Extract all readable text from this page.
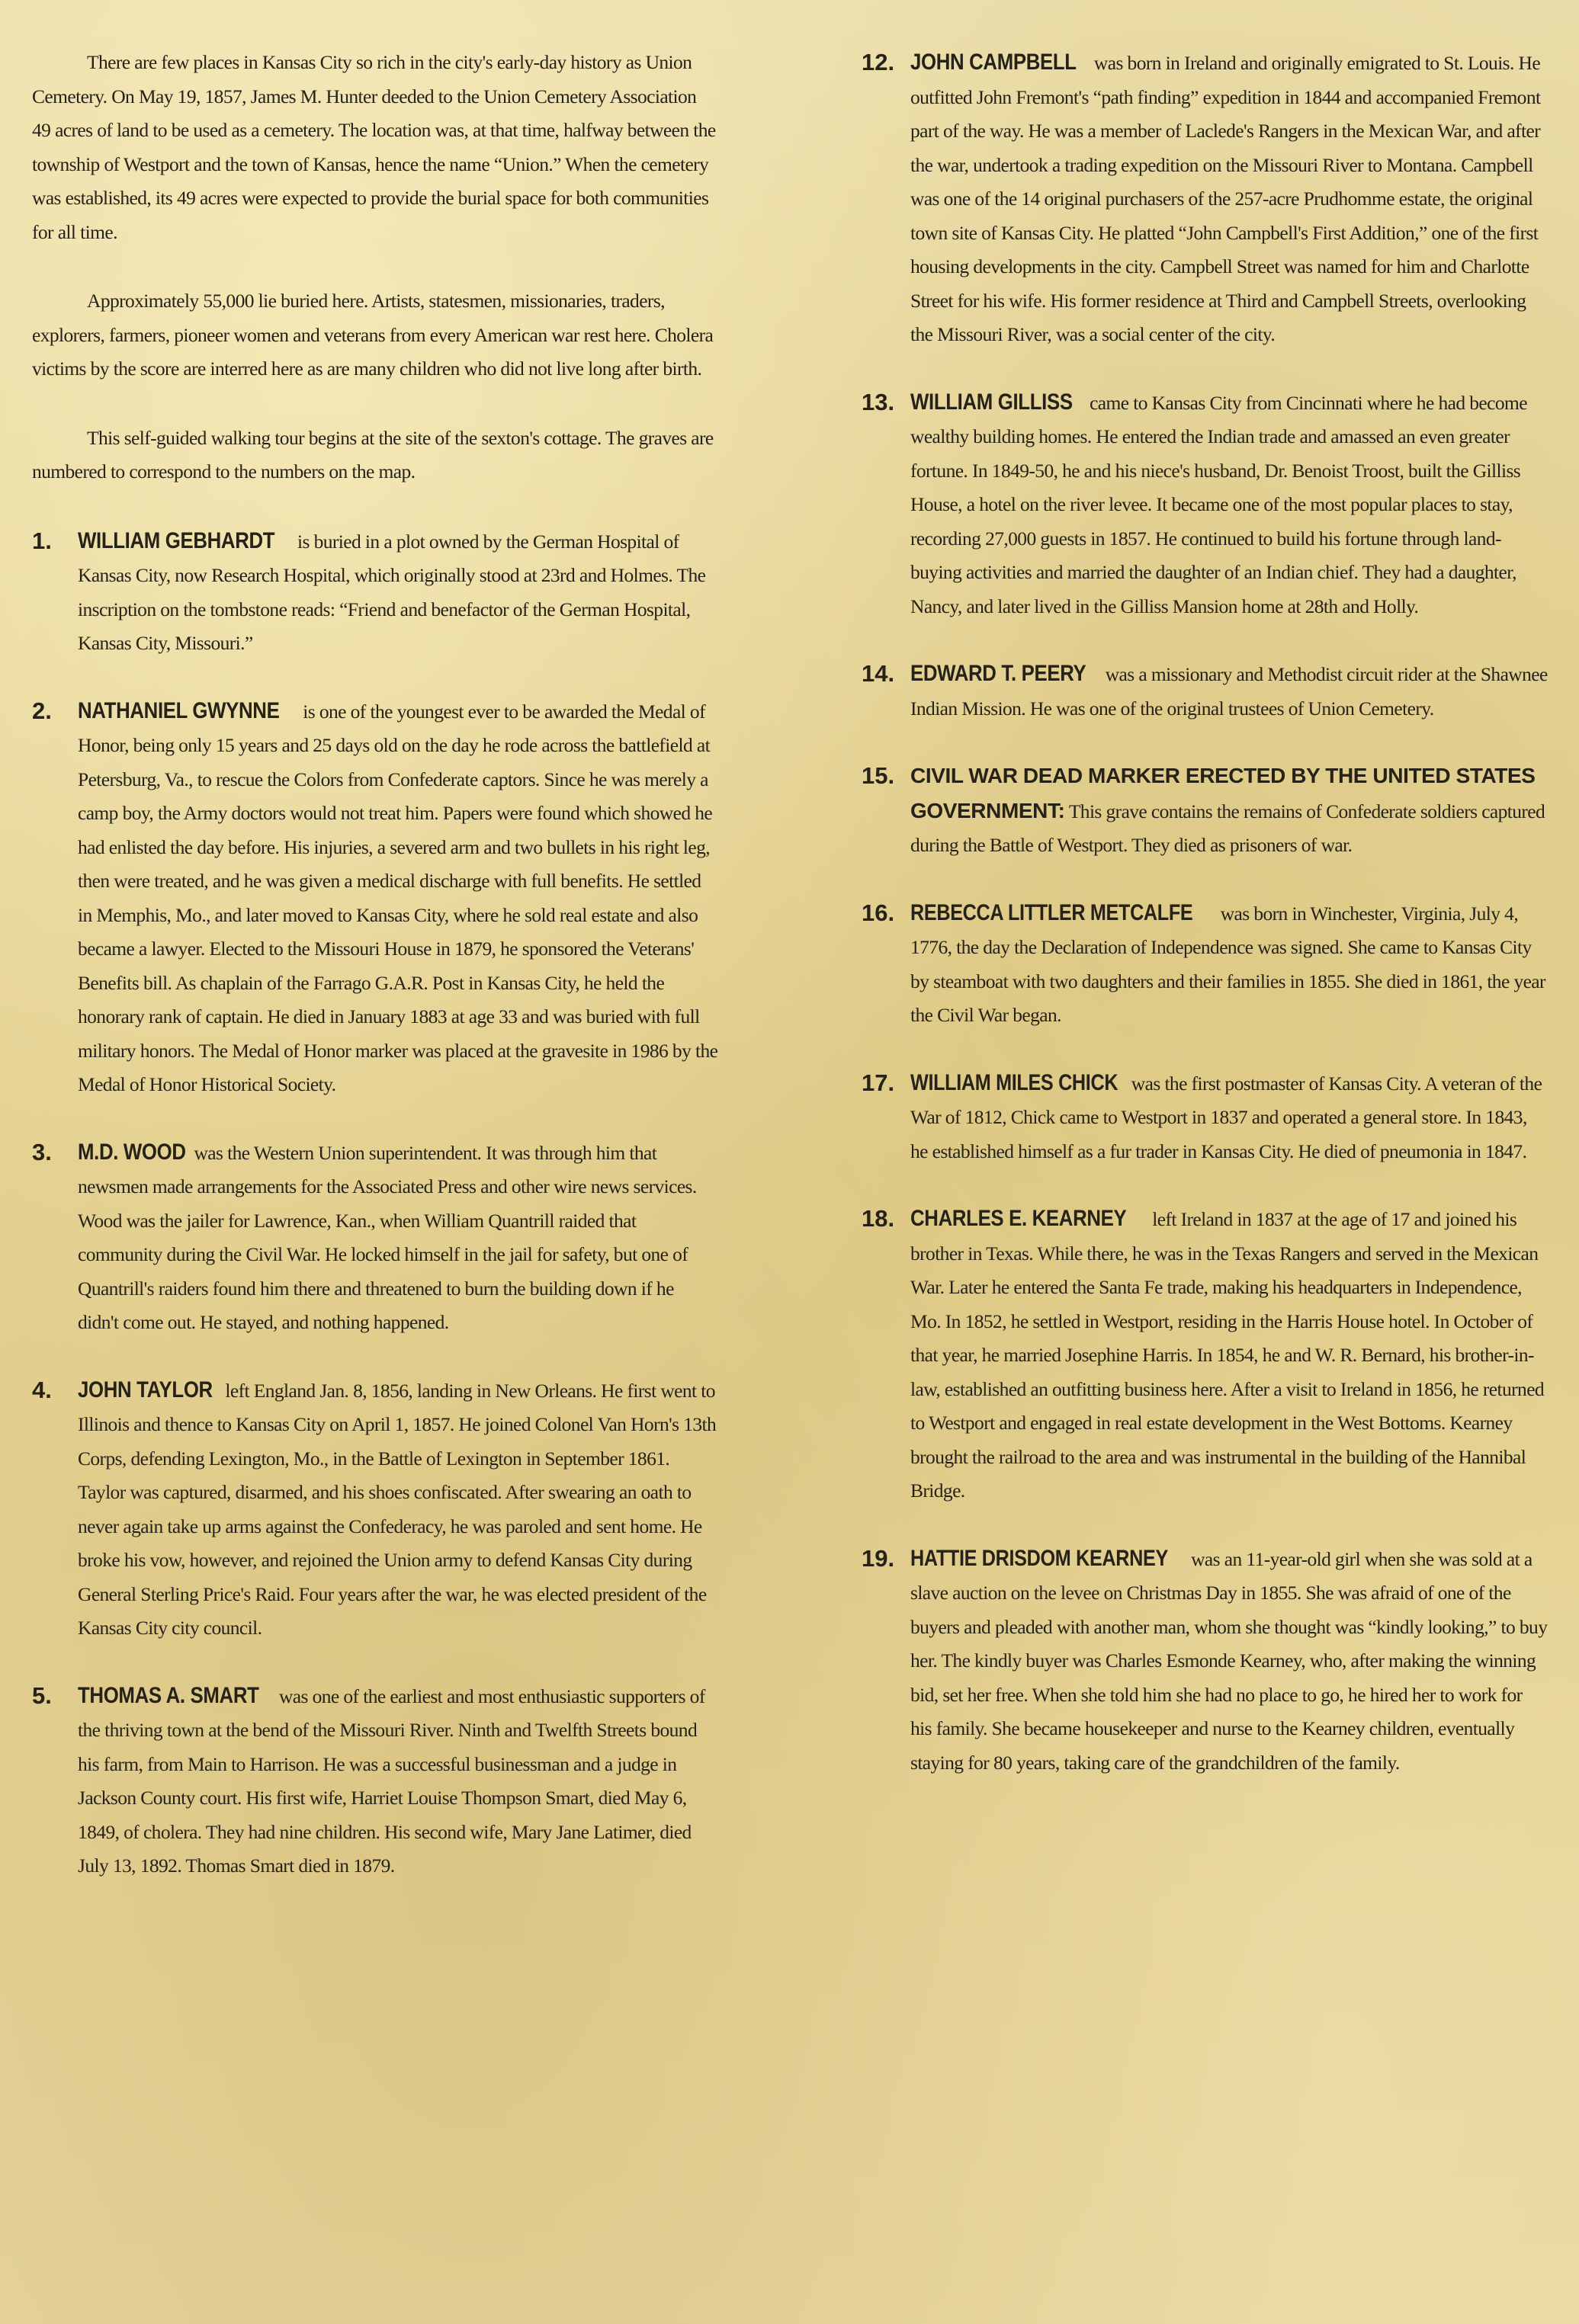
There are few places in Kansas City so rich in the city's early-day history as Union Cemetery. On May 19, 1857, James M. Hunter deeded to the Union Cemetery Association 49 acres of land to be used as a cemetery. The location was, at that time, halfway between the township of Westport and the town of Kansas, hence the name “Union.” When the cemetery was established, its 49 acres were expected to provide the burial space for both communities for all time.

Approximately 55,000 lie buried here. Artists, statesmen, missionaries, traders, explorers, farmers, pioneer women and veterans from every American war rest here. Cholera victims by the score are interred here as are many children who did not live long after birth.

This self-guided walking tour begins at the site of the sexton's cottage. The graves are numbered to correspond to the numbers on the map.

1. WILLIAM GEBHARDT is buried in a plot owned by the German Hospital of Kansas City, now Research Hospital, which originally stood at 23rd and Holmes. The inscription on the tombstone reads: “Friend and benefactor of the German Hospital, Kansas City, Missouri.”
2. NATHANIEL GWYNNE is one of the youngest ever to be awarded the Medal of Honor, being only 15 years and 25 days old on the day he rode across the battlefield at Petersburg, Va., to rescue the Colors from Confederate captors. Since he was merely a camp boy, the Army doctors would not treat him. Papers were found which showed he had enlisted the day before. His injuries, a severed arm and two bullets in his right leg, then were treated, and he was given a medical discharge with full benefits. He settled in Memphis, Mo., and later moved to Kansas City, where he sold real estate and also became a lawyer. Elected to the Missouri House in 1879, he sponsored the Veterans' Benefits bill. As chaplain of the Farrago G.A.R. Post in Kansas City, he held the honorary rank of captain. He died in January 1883 at age 33 and was buried with full military honors. The Medal of Honor marker was placed at the gravesite in 1986 by the Medal of Honor Historical Society.
3. M.D. WOOD was the Western Union superintendent. It was through him that newsmen made arrangements for the Associated Press and other wire news services. Wood was the jailer for Lawrence, Kan., when William Quantrill raided that community during the Civil War. He locked himself in the jail for safety, but one of Quantrill's raiders found him there and threatened to burn the building down if he didn't come out. He stayed, and nothing happened.
4. JOHN TAYLOR left England Jan. 8, 1856, landing in New Orleans. He first went to Illinois and thence to Kansas City on April 1, 1857. He joined Colonel Van Horn's 13th Corps, defending Lexington, Mo., in the Battle of Lexington in September 1861. Taylor was captured, disarmed, and his shoes confiscated. After swearing an oath to never again take up arms against the Confederacy, he was paroled and sent home. He broke his vow, however, and rejoined the Union army to defend Kansas City during General Sterling Price's Raid. Four years after the war, he was elected president of the Kansas City city council.
5. THOMAS A. SMART was one of the earliest and most enthusiastic supporters of the thriving town at the bend of the Missouri River. Ninth and Twelfth Streets bound his farm, from Main to Harrison. He was a successful businessman and a judge in Jackson County court. His first wife, Harriet Louise Thompson Smart, died May 6, 1849, of cholera. They had nine children. His second wife, Mary Jane Latimer, died July 13, 1892. Thomas Smart died in 1879.
12. JOHN CAMPBELL was born in Ireland and originally emigrated to St. Louis. He outfitted John Fremont's “path finding” expedition in 1844 and accompanied Fremont part of the way. He was a member of Laclede's Rangers in the Mexican War, and after the war, undertook a trading expedition on the Missouri River to Montana. Campbell was one of the 14 original purchasers of the 257-acre Prudhomme estate, the original town site of Kansas City. He platted “John Campbell's First Addition,” one of the first housing developments in the city. Campbell Street was named for him and Charlotte Street for his wife. His former residence at Third and Campbell Streets, overlooking the Missouri River, was a social center of the city.
13. WILLIAM GILLISS came to Kansas City from Cincinnati where he had become wealthy building homes. He entered the Indian trade and amassed an even greater fortune. In 1849-50, he and his niece's husband, Dr. Benoist Troost, built the Gilliss House, a hotel on the river levee. It became one of the most popular places to stay, recording 27,000 guests in 1857. He continued to build his fortune through land-buying activities and married the daughter of an Indian chief. They had a daughter, Nancy, and later lived in the Gilliss Mansion home at 28th and Holly.
14. EDWARD T. PEERY was a missionary and Methodist circuit rider at the Shawnee Indian Mission. He was one of the original trustees of Union Cemetery.
15. CIVIL WAR DEAD MARKER ERECTED BY THE UNITED STATES GOVERNMENT: This grave contains the remains of Confederate soldiers captured during the Battle of Westport. They died as prisoners of war.
16. REBECCA LITTLER METCALFE was born in Winchester, Virginia, July 4, 1776, the day the Declaration of Independence was signed. She came to Kansas City by steamboat with two daughters and their families in 1855. She died in 1861, the year the Civil War began.
17. WILLIAM MILES CHICK was the first postmaster of Kansas City. A veteran of the War of 1812, Chick came to Westport in 1837 and operated a general store. In 1843, he established himself as a fur trader in Kansas City. He died of pneumonia in 1847.
18. CHARLES E. KEARNEY left Ireland in 1837 at the age of 17 and joined his brother in Texas. While there, he was in the Texas Rangers and served in the Mexican War. Later he entered the Santa Fe trade, making his headquarters in Independence, Mo. In 1852, he settled in Westport, residing in the Harris House hotel. In October of that year, he married Josephine Harris. In 1854, he and W. R. Bernard, his brother-in-law, established an outfitting business here. After a visit to Ireland in 1856, he returned to Westport and engaged in real estate development in the West Bottoms. Kearney brought the railroad to the area and was instrumental in the building of the Hannibal Bridge.
19. HATTIE DRISDOM KEARNEY was an 11-year-old girl when she was sold at a slave auction on the levee on Christmas Day in 1855. She was afraid of one of the buyers and pleaded with another man, whom she thought was “kindly looking,” to buy her. The kindly buyer was Charles Esmonde Kearney, who, after making the winning bid, set her free. When she told him she had no place to go, he hired her to work for his family. She became housekeeper and nurse to the Kearney children, eventually staying for 80 years, taking care of the grandchildren of the family.
